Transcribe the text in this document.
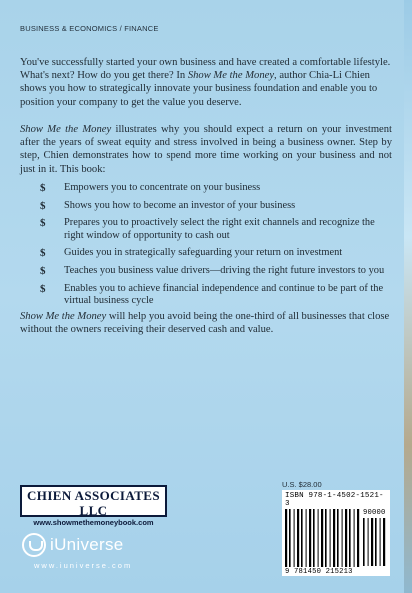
BUSINESS & ECONOMICS / FINANCE

You've successfully started your own business and have created a comfortable lifestyle. What's next? How do you get there? In Show Me the Money, author Chia-Li Chien shows you how to strategically innovate your business foundation and enable you to position your company to get the value you deserve.

Show Me the Money illustrates why you should expect a return on your investment after the years of sweat equity and stress involved in being a business owner. Step by step, Chien demonstrates how to spend more time working on your business and not just in it. This book:

$ Empowers you to concentrate on your business
$ Shows you how to become an investor of your business
$ Prepares you to proactively select the right exit channels and recognize the right window of opportunity to cash out
$ Guides you in strategically safeguarding your return on investment
$ Teaches you business value drivers—driving the right future investors to you
$ Enables you to achieve financial independence and continue to be part of the virtual business cycle

Show Me the Money will help you avoid being the one-third of all businesses that close without the owners receiving their deserved cash and value.

CHIEN ASSOCIATES LLC
www.showmethemoneybook.com
iUniverse
www.iuniverse.com
U.S. $28.00
ISBN 978-1-4502-1521-3
90000
9 781450 215213
